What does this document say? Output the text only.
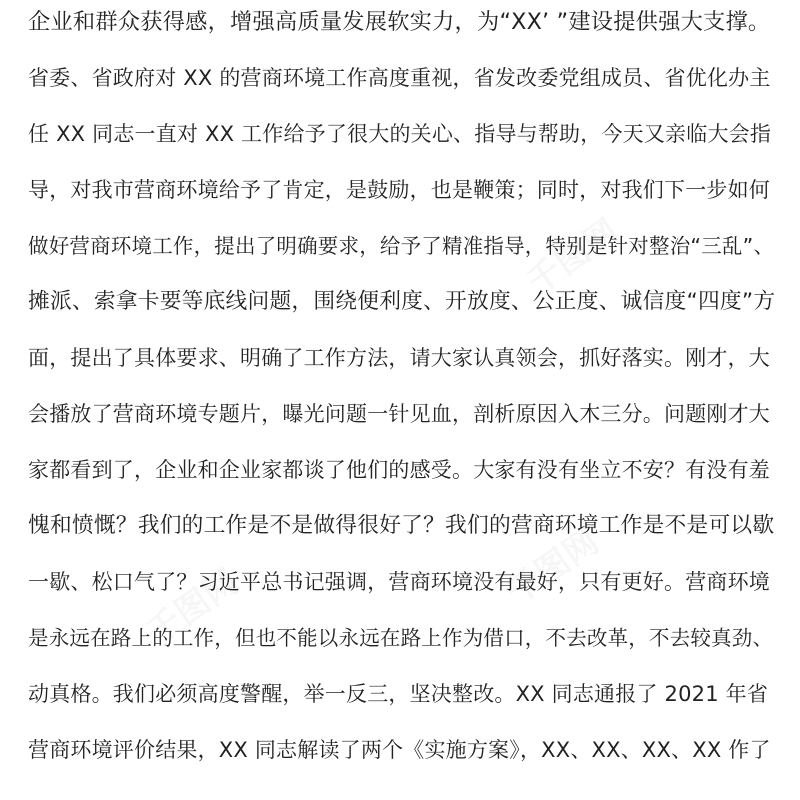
千图网
千图网	千图网
企业和群众获得感，增强高质量发展软实力，为“XX’ ”建设提供强大支撑。
省委、省政府对 XX 的营商环境工作高度重视，省发改委党组成员、省优化办主
任 XX 同志一直对 XX 工作给予了很大的关心、指导与帮助，今天又亲临大会指
导，对我市营商环境给予了肯定，是鼓励，也是鞭策；同时，对我们下一步如何
做好营商环境工作，提出了明确要求，给予了精准指导，特别是针对整治“三乱”、
摊派、索拿卡要等底线问题，围绕便利度、开放度、公正度、诚信度“四度”方
面，提出了具体要求、明确了工作方法，请大家认真领会，抓好落实。刚才，大
会播放了营商环境专题片，曝光问题一针见血，剖析原因入木三分。问题刚才大
家都看到了，企业和企业家都谈了他们的感受。大家有没有坐立不安？有没有羞
愧和愤慨？我们的工作是不是做得很好了？我们的营商环境工作是不是可以歇
一歇、松口气了？习近平总书记强调，营商环境没有最好，只有更好。营商环境
是永远在路上的工作，但也不能以永远在路上作为借口，不去改革，不去较真劲、
动真格。我们必须高度警醒，举一反三，坚决整改。XX 同志通报了 2021 年省
营商环境评价结果，XX 同志解读了两个《实施方案》，XX、XX、XX、XX 作了
